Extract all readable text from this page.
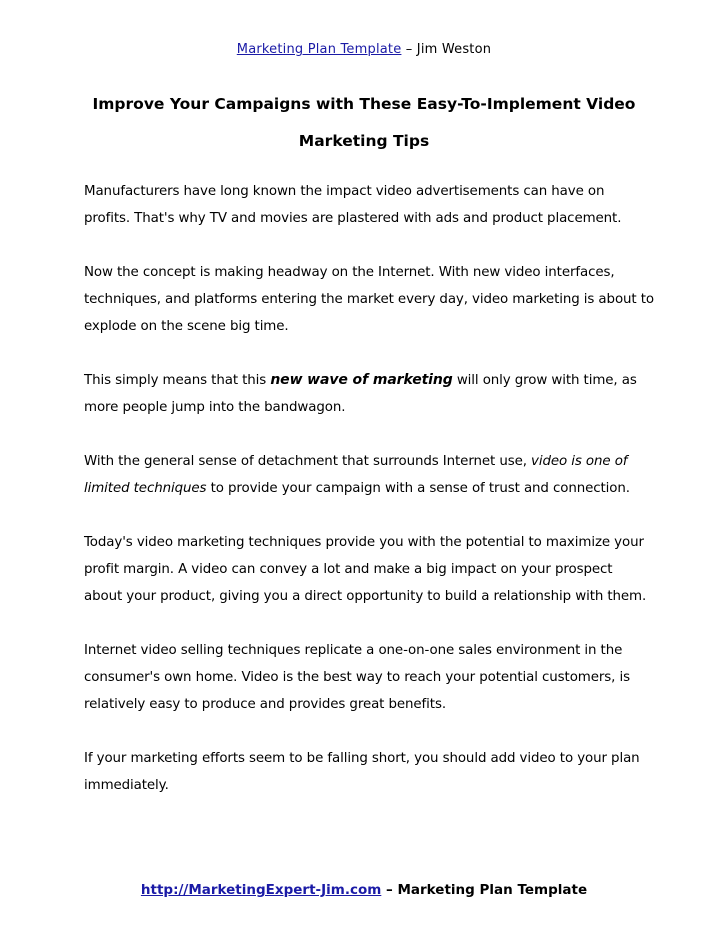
Marketing Plan Template – Jim Weston
Improve Your Campaigns with These Easy-To-Implement Video
Marketing Tips

Manufacturers have long known the impact video advertisements can have on profits. That's why TV and movies are plastered with ads and product placement.

Now the concept is making headway on the Internet. With new video interfaces, techniques, and platforms entering the market every day, video marketing is about to explode on the scene big time.

This simply means that this new wave of marketing will only grow with time, as more people jump into the bandwagon.

With the general sense of detachment that surrounds Internet use, video is one of limited techniques to provide your campaign with a sense of trust and connection.

Today's video marketing techniques provide you with the potential to maximize your profit margin. A video can convey a lot and make a big impact on your prospect about your product, giving you a direct opportunity to build a relationship with them.

Internet video selling techniques replicate a one-on-one sales environment in the consumer's own home. Video is the best way to reach your potential customers, is relatively easy to produce and provides great benefits.

If your marketing efforts seem to be falling short, you should add video to your plan immediately.

http://MarketingExpert-Jim.com – Marketing Plan Template
